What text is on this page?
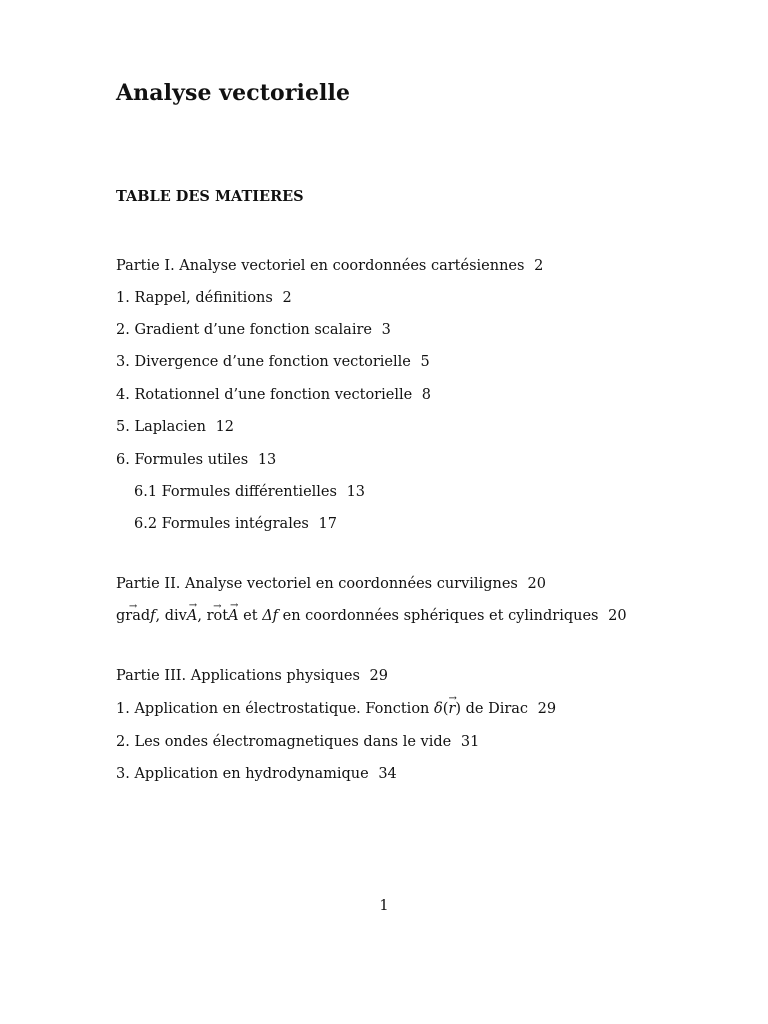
Analyse vectorielle
TABLE DES MATIERES
Partie I. Analyse vectoriel en coordonnées cartésiennes 2
1. Rappel, définitions 2
2. Gradient d’une fonction scalaire 3
3. Divergence d’une fonction vectorielle 5
4. Rotationnel d’une fonction vectorielle 8
5. Laplacien 12
6. Formules utiles 13
6.1 Formules différentielles 13
6.2 Formules intégrales 17
Partie II. Analyse vectoriel en coordonnées curvilignes 20
→ gradf, div→ A, → rot→ A et Δf en coordonnées sphériques et cylindriques 20
Partie III. Applications physiques 29
1. Application en électrostatique. Fonction δ(→ r) de Dirac 29
2. Les ondes électromagnetiques dans le vide 31
3. Application en hydrodynamique 34
1
